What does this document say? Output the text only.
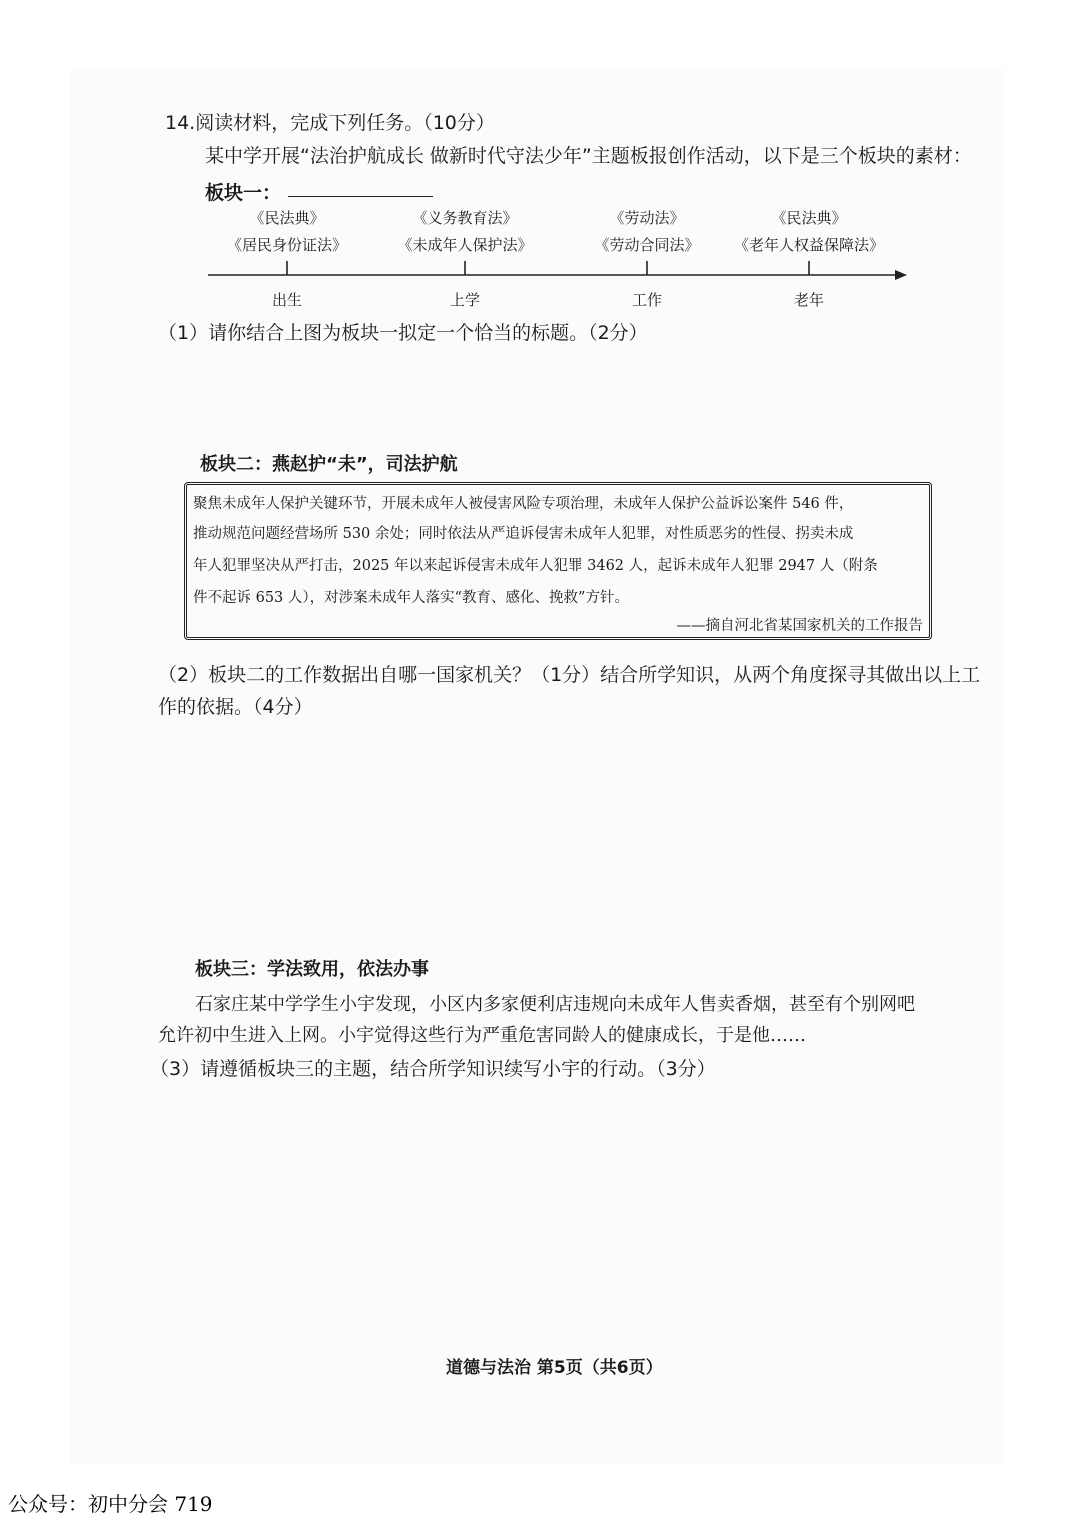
14.阅读材料，完成下列任务。（10分）
某中学开展“法治护航成长 做新时代守法少年”主题板报创作活动，以下是三个板块的素材：
板块一：
《民法典》
《居民身份证法》
《义务教育法》
《未成年人保护法》
《劳动法》
《劳动合同法》
《民法典》
《老年人权益保障法》
出生	上学	工作	老年
（1）请你结合上图为板块一拟定一个恰当的标题。（2分）
板块二：燕赵护“未”，司法护航
聚焦未成年人保护关键环节，开展未成年人被侵害风险专项治理，未成年人保护公益诉讼案件 546 件，
推动规范问题经营场所 530 余处；同时依法从严追诉侵害未成年人犯罪，对性质恶劣的性侵、拐卖未成
年人犯罪坚决从严打击，2025 年以来起诉侵害未成年人犯罪 3462 人，起诉未成年人犯罪 2947 人（附条
件不起诉 653 人），对涉案未成年人落实“教育、感化、挽救”方针。
——摘自河北省某国家机关的工作报告
（2）板块二的工作数据出自哪一国家机关？（1分）结合所学知识，从两个角度探寻其做出以上工
作的依据。（4分）
板块三：学法致用，依法办事
石家庄某中学学生小宇发现，小区内多家便利店违规向未成年人售卖香烟，甚至有个别网吧
允许初中生进入上网。小宇觉得这些行为严重危害同龄人的健康成长，于是他……
（3）请遵循板块三的主题，结合所学知识续写小宇的行动。（3分）
道德与法治 第5页（共6页）
公众号：初中分会 719
